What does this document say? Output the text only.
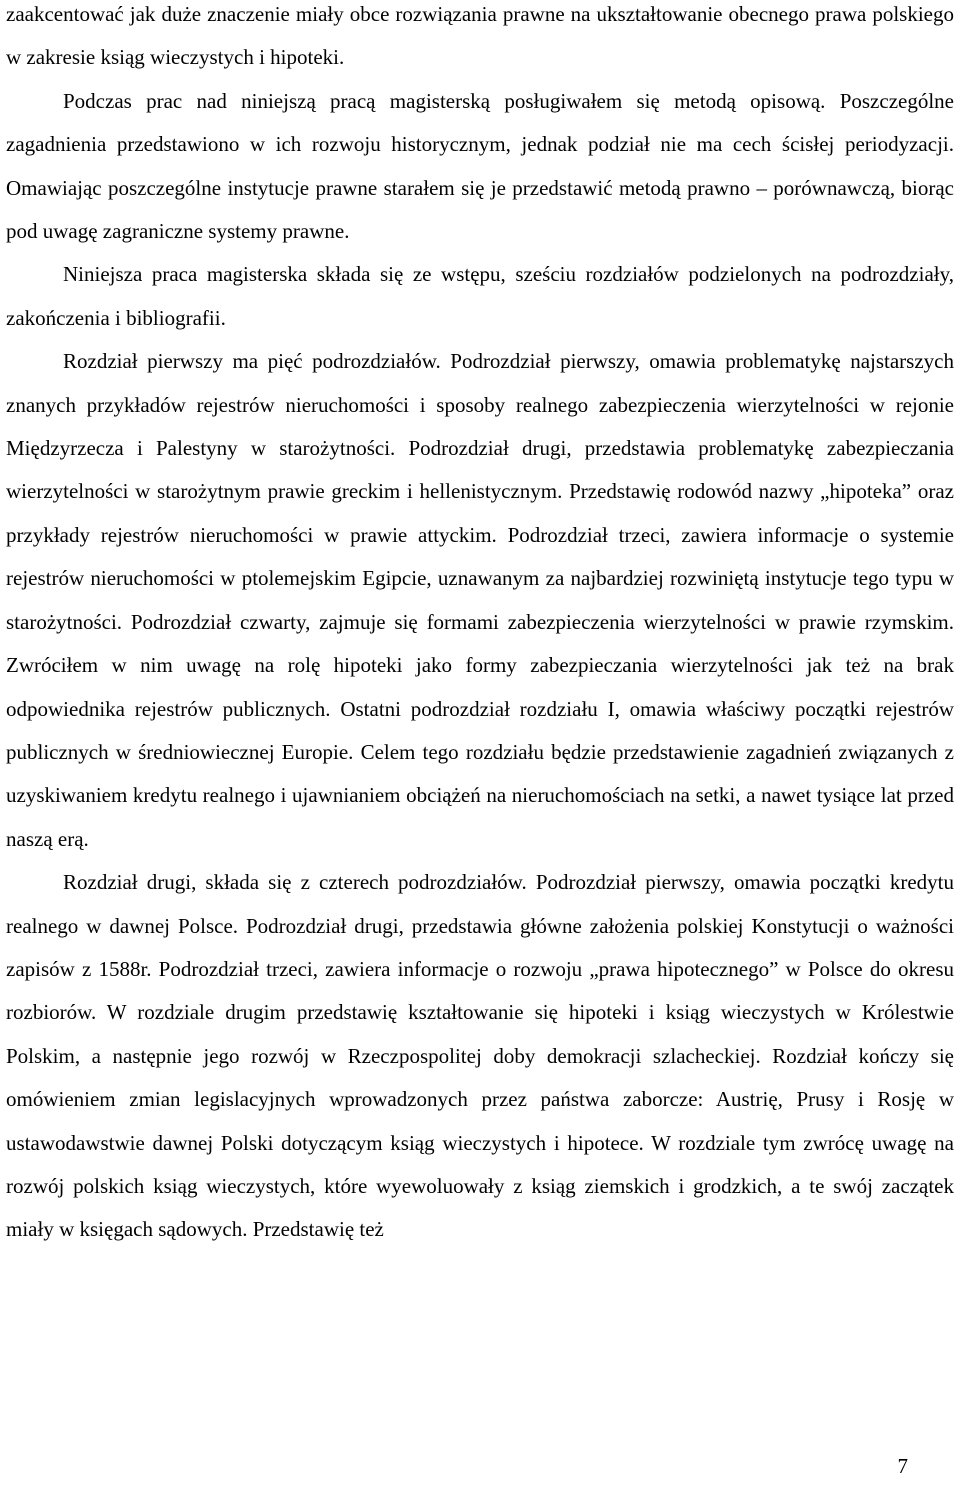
zaakcentować jak duże znaczenie miały obce rozwiązania prawne na ukształtowanie obecnego prawa polskiego w zakresie ksiąg wieczystych i hipoteki.

Podczas prac nad niniejszą pracą magisterską posługiwałem się metodą opisową. Poszczególne zagadnienia przedstawiono w ich rozwoju historycznym, jednak podział nie ma cech ścisłej periodyzacji. Omawiając poszczególne instytucje prawne starałem się je przedstawić metodą prawno – porównawczą, biorąc pod uwagę zagraniczne systemy prawne.

Niniejsza praca magisterska składa się ze wstępu, sześciu rozdziałów podzielonych na podrozdziały, zakończenia i bibliografii.

Rozdział pierwszy ma pięć podrozdziałów. Podrozdział pierwszy, omawia problematykę najstarszych znanych przykładów rejestrów nieruchomości i sposoby realnego zabezpieczenia wierzytelności w rejonie Międzyrzecza i Palestyny w starożytności. Podrozdział drugi, przedstawia problematykę zabezpieczania wierzytelności w starożytnym prawie greckim i hellenistycznym. Przedstawię rodowód nazwy „hipoteka” oraz przykłady rejestrów nieruchomości w prawie attyckim. Podrozdział trzeci, zawiera informacje o systemie rejestrów nieruchomości w ptolemejskim Egipcie, uznawanym za najbardziej rozwiniętą instytucje tego typu w starożytności. Podrozdział czwarty, zajmuje się formami zabezpieczenia wierzytelności w prawie rzymskim. Zwróciłem w nim uwagę na rolę hipoteki jako formy zabezpieczania wierzytelności jak też na brak odpowiednika rejestrów publicznych. Ostatni podrozdział rozdziału I, omawia właściwy początki rejestrów publicznych w średniowiecznej Europie. Celem tego rozdziału będzie przedstawienie zagadnień związanych z uzyskiwaniem kredytu realnego i ujawnianiem obciążeń na nieruchomościach na setki, a nawet tysiące lat przed naszą erą.

Rozdział drugi, składa się z czterech podrozdziałów. Podrozdział pierwszy, omawia początki kredytu realnego w dawnej Polsce. Podrozdział drugi, przedstawia główne założenia polskiej Konstytucji o ważności zapisów z 1588r. Podrozdział trzeci, zawiera informacje o rozwoju „prawa hipotecznego” w Polsce do okresu rozbiorów. W rozdziale drugim przedstawię kształtowanie się hipoteki i ksiąg wieczystych w Królestwie Polskim, a następnie jego rozwój w Rzeczpospolitej doby demokracji szlacheckiej. Rozdział kończy się omówieniem zmian legislacyjnych wprowadzonych przez państwa zaborcze: Austrię, Prusy i Rosję w ustawodawstwie dawnej Polski dotyczącym ksiąg wieczystych i hipotece. W rozdziale tym zwrócę uwagę na rozwój polskich ksiąg wieczystych, które wyewoluowały z ksiąg ziemskich i grodzkich, a te swój zaczątek miały w księgach sądowych. Przedstawię też

7
